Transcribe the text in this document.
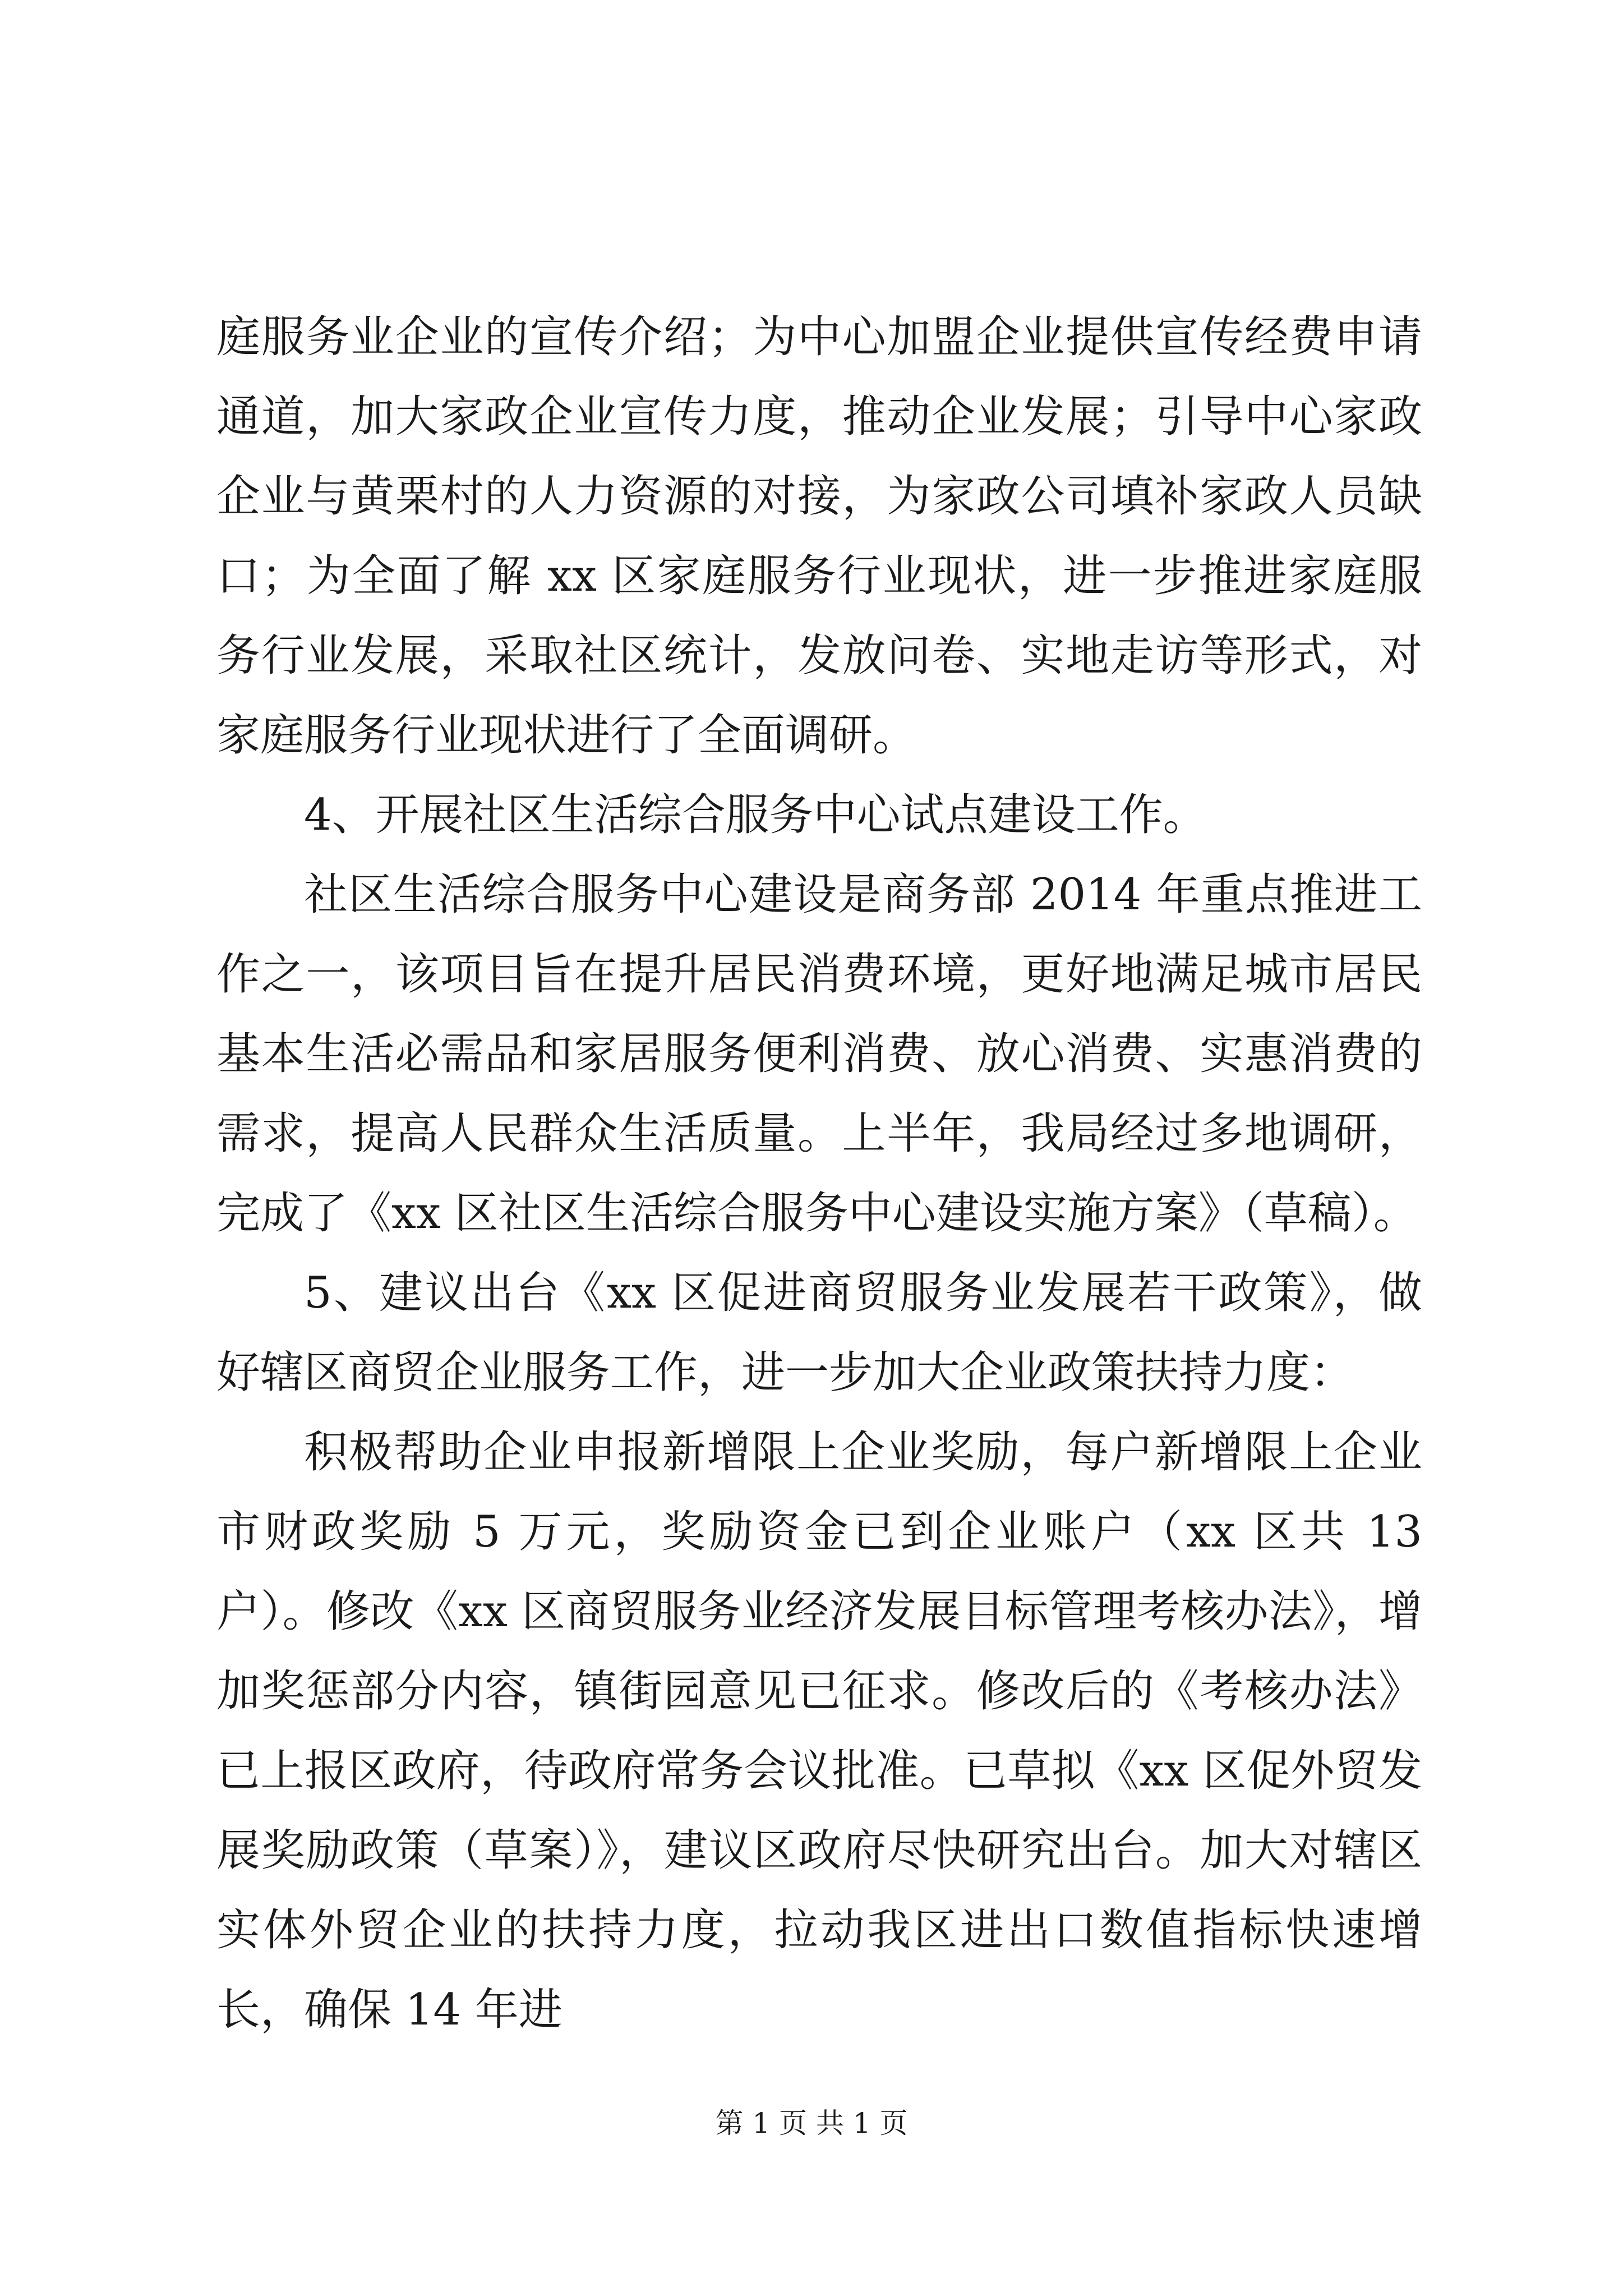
庭服务业企业的宣传介绍；为中心加盟企业提供宣传经费申请通道，加大家政企业宣传力度，推动企业发展；引导中心家政企业与黄栗村的人力资源的对接，为家政公司填补家政人员缺口；为全面了解 xx 区家庭服务行业现状，进一步推进家庭服务行业发展，采取社区统计，发放问卷、实地走访等形式，对家庭服务行业现状进行了全面调研。

4、开展社区生活综合服务中心试点建设工作。

社区生活综合服务中心建设是商务部 2014 年重点推进工作之一，该项目旨在提升居民消费环境，更好地满足城市居民基本生活必需品和家居服务便利消费、放心消费、实惠消费的需求，提高人民群众生活质量。上半年，我局经过多地调研，完成了《xx 区社区生活综合服务中心建设实施方案》（草稿）。

5、建议出台《xx 区促进商贸服务业发展若干政策》，做好辖区商贸企业服务工作，进一步加大企业政策扶持力度：

积极帮助企业申报新增限上企业奖励，每户新增限上企业市财政奖励 5 万元，奖励资金已到企业账户（xx 区共 13 户）。修改《xx 区商贸服务业经济发展目标管理考核办法》，增加奖惩部分内容，镇街园意见已征求。修改后的《考核办法》已上报区政府，待政府常务会议批准。已草拟《xx 区促外贸发展奖励政策（草案）》，建议区政府尽快研究出台。加大对辖区实体外贸企业的扶持力度，拉动我区进出口数值指标快速增长，确保 14 年进

第 1 页 共 1 页
